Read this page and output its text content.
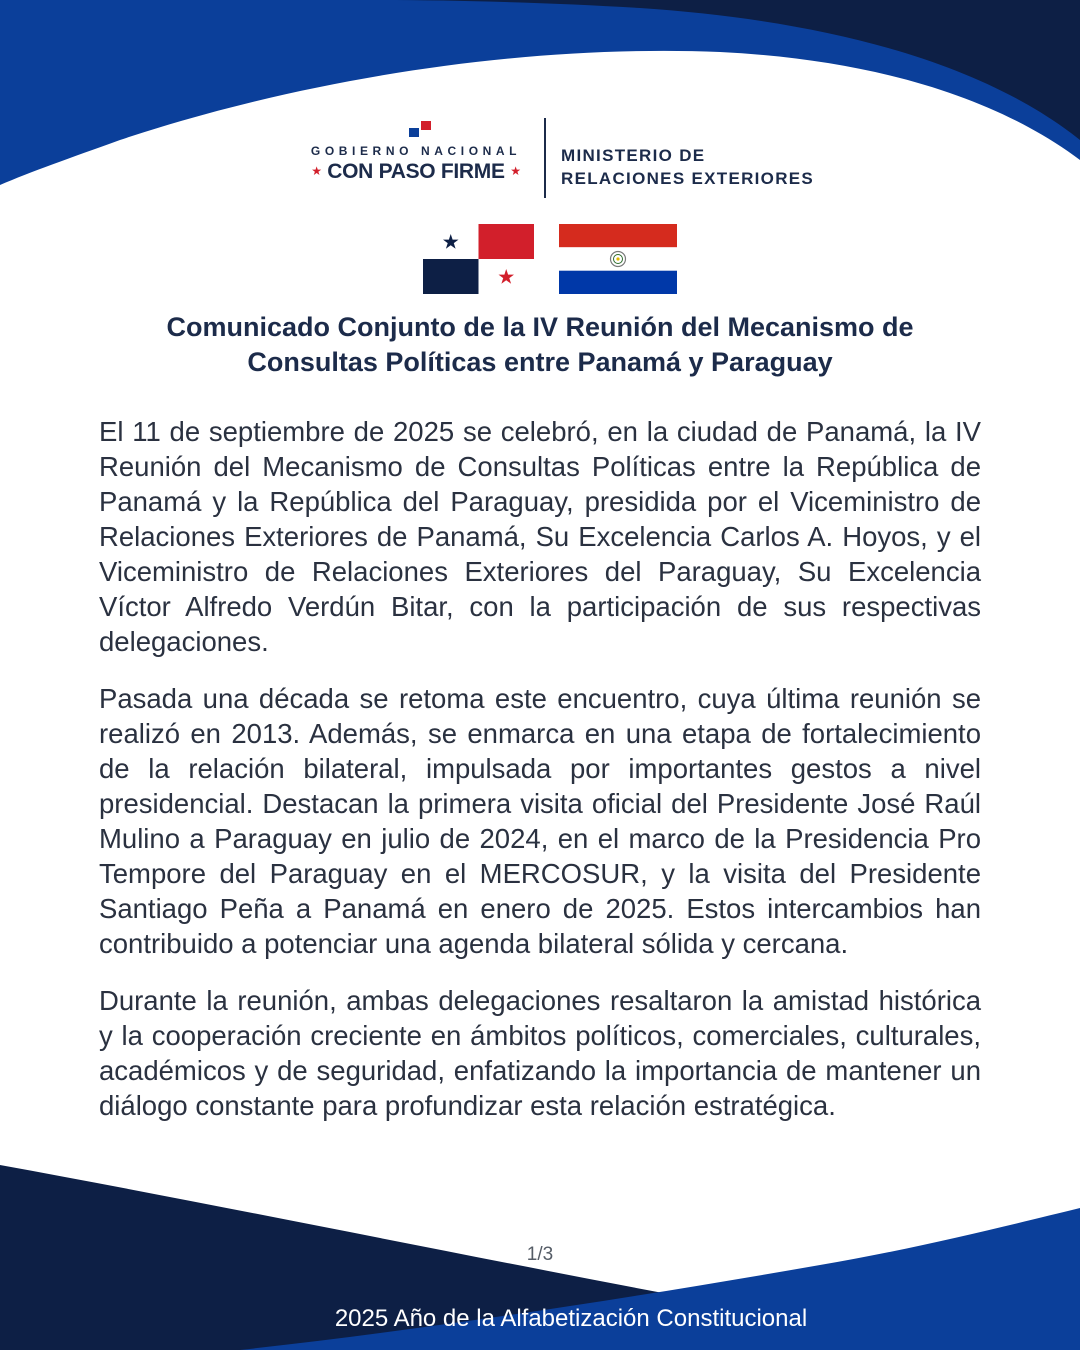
GOBIERNO NACIONAL
★ CON PASO FIRME ★
MINISTERIO DE
RELACIONES EXTERIORES
Comunicado Conjunto de la IV Reunión del Mecanismo de
Consultas Políticas entre Panamá y Paraguay

El 11 de septiembre de 2025 se celebró, en la ciudad de Panamá, la IV Reunión del Mecanismo de Consultas Políticas entre la República de Panamá y la República del Paraguay, presidida por el Viceministro de Relaciones Exteriores de Panamá, Su Excelencia Carlos A. Hoyos, y el Viceministro de Relaciones Exteriores del Paraguay, Su Excelencia Víctor Alfredo Verdún Bitar, con la participación de sus respectivas delegaciones.

Pasada una década se retoma este encuentro, cuya última reunión se realizó en 2013. Además, se enmarca en una etapa de fortalecimiento de la relación bilateral, impulsada por importantes gestos a nivel presidencial. Destacan la primera visita oficial del Presidente José Raúl Mulino a Paraguay en julio de 2024, en el marco de la Presidencia Pro Tempore del Paraguay en el MERCOSUR, y la visita del Presidente Santiago Peña a Panamá en enero de 2025. Estos intercambios han contribuido a potenciar una agenda bilateral sólida y cercana.

Durante la reunión, ambas delegaciones resaltaron la amistad histórica y la cooperación creciente en ámbitos políticos, comerciales, culturales, académicos y de seguridad, enfatizando la importancia de mantener un diálogo constante para profundizar esta relación estratégica.

1/3
2025 Año de la Alfabetización Constitucional
